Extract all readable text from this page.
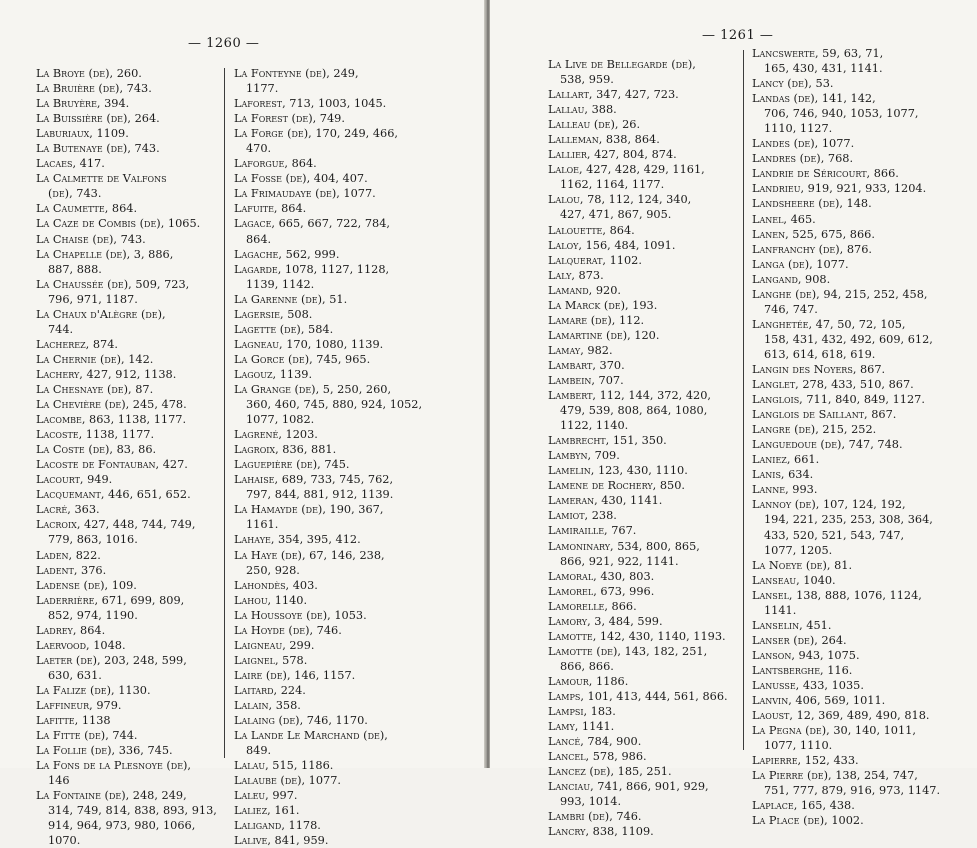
— 1260 —
La Broye (de), 260.
La Bruière (de), 743.
La Bruyère, 394.
La Buissière (de), 264.
Laburiaux, 1109.
La Butenaye (de), 743.
Lacaes, 417.
La Calmette de Valfons
(de), 743.
La Caumette, 864.
La Caze de Combis (de), 1065.
La Chaise (de), 743.
La Chapelle (de), 3, 886,
887, 888.
La Chaussée (de), 509, 723,
796, 971, 1187.
La Chaux d'Alègre (de),
744.
Lacherez, 874.
La Chernie (de), 142.
Lachery, 427, 912, 1138.
La Chesnaye (de), 87.
La Chevière (de), 245, 478.
Lacombe, 863, 1138, 1177.
Lacoste, 1138, 1177.
La Coste (de), 83, 86.
Lacoste de Fontauban, 427.
Lacourt, 949.
Lacquemant, 446, 651, 652.
Lacré, 363.
Lacroix, 427, 448, 744, 749,
779, 863, 1016.
Laden, 822.
Ladent, 376.
Ladense (de), 109.
Laderrière, 671, 699, 809,
852, 974, 1190.
Ladrey, 864.
Laervood, 1048.
Laeter (de), 203, 248, 599,
630, 631.
La Falize (de), 1130.
Laffineur, 979.
Lafitte, 1138
La Fitte (de), 744.
La Follie (de), 336, 745.
La Fons de la Plesnoye (de),
146
La Fontaine (de), 248, 249,
314, 749, 814, 838, 893, 913,
914, 964, 973, 980, 1066,
1070.
La Fonteyne (de), 249,
1177.
Laforest, 713, 1003, 1045.
La Forest (de), 749.
La Forge (de), 170, 249, 466,
470.
Laforgue, 864.
La Fosse (de), 404, 407.
La Frimaudaye (de), 1077.
Lafuite, 864.
Lagace, 665, 667, 722, 784,
864.
Lagache, 562, 999.
Lagarde, 1078, 1127, 1128,
1139, 1142.
La Garenne (de), 51.
Lagersie, 508.
Lagette (de), 584.
Lagneau, 170, 1080, 1139.
La Gorce (de), 745, 965.
Lagouz, 1139.
La Grange (de), 5, 250, 260,
360, 460, 745, 880, 924, 1052,
1077, 1082.
Lagrené, 1203.
Lagroix, 836, 881.
Laguepière (de), 745.
Lahaise, 689, 733, 745, 762,
797, 844, 881, 912, 1139.
La Hamayde (de), 190, 367,
1161.
Lahaye, 354, 395, 412.
La Haye (de), 67, 146, 238,
250, 928.
Lahondès, 403.
Lahou, 1140.
La Houssoye (de), 1053.
La Hoyde (de), 746.
Laigneau, 299.
Laignel, 578.
Laire (de), 146, 1157.
Laitard, 224.
Lalain, 358.
Lalaing (de), 746, 1170.
La Lande Le Marchand (de),
849.
Lalau, 515, 1186.
Lalaube (de), 1077.
Laleu, 997.
Laliez, 161.
Laligand, 1178.
Lalive, 841, 959.
— 1261 —
La Live de Bellegarde (de),
538, 959.
Lallart, 347, 427, 723.
Lallau, 388.
Lalleau (de), 26.
Lalleman, 838, 864.
Lallier, 427, 804, 874.
Laloe, 427, 428, 429, 1161,
1162, 1164, 1177.
Lalou, 78, 112, 124, 340,
427, 471, 867, 905.
Lalouette, 864.
Laloy, 156, 484, 1091.
Lalquerat, 1102.
Laly, 873.
Lamand, 920.
La Marck (de), 193.
Lamare (de), 112.
Lamartine (de), 120.
Lamay, 982.
Lambart, 370.
Lambein, 707.
Lambert, 112, 144, 372, 420,
479, 539, 808, 864, 1080,
1122, 1140.
Lambrecht, 151, 350.
Lambyn, 709.
Lamelin, 123, 430, 1110.
Lamene de Rochery, 850.
Lameran, 430, 1141.
Lamiot, 238.
Lamiraille, 767.
Lamoninary, 534, 800, 865,
866, 921, 922, 1141.
Lamoral, 430, 803.
Lamorel, 673, 996.
Lamorelle, 866.
Lamory, 3, 484, 599.
Lamotte, 142, 430, 1140, 1193.
Lamotte (de), 143, 182, 251,
866, 866.
Lamour, 1186.
Lamps, 101, 413, 444, 561, 866.
Lampsi, 183.
Lamy, 1141.
Lancé, 784, 900.
Lancel, 578, 986.
Lancez (de), 185, 251.
Lanciau, 741, 866, 901, 929,
993, 1014.
Lambri (de), 746.
Lancry, 838, 1109.
Lancswerte, 59, 63, 71,
165, 430, 431, 1141.
Lancy (de), 53.
Landas (de), 141, 142,
706, 746, 940, 1053, 1077,
1110, 1127.
Landes (de), 1077.
Landres (de), 768.
Landrie de Séricourt, 866.
Landrieu, 919, 921, 933, 1204.
Landsheere (de), 148.
Lanel, 465.
Lanen, 525, 675, 866.
Lanfranchy (de), 876.
Langa (de), 1077.
Langand, 908.
Langhe (de), 94, 215, 252, 458,
746, 747.
Langhetée, 47, 50, 72, 105,
158, 431, 432, 492, 609, 612,
613, 614, 618, 619.
Langin des Noyers, 867.
Langlet, 278, 433, 510, 867.
Langlois, 711, 840, 849, 1127.
Langlois de Saillant, 867.
Langre (de), 215, 252.
Languedoue (de), 747, 748.
Laniez, 661.
Lanis, 634.
Lanne, 993.
Lannoy (de), 107, 124, 192,
194, 221, 235, 253, 308, 364,
433, 520, 521, 543, 747,
1077, 1205.
La Noeye (de), 81.
Lanseau, 1040.
Lansel, 138, 888, 1076, 1124,
1141.
Lanselin, 451.
Lanser (de), 264.
Lanson, 943, 1075.
Lantsberghe, 116.
Lanusse, 433, 1035.
Lanvin, 406, 569, 1011.
Laoust, 12, 369, 489, 490, 818.
La Pegna (de), 30, 140, 1011,
1077, 1110.
Lapierre, 152, 433.
La Pierre (de), 138, 254, 747,
751, 777, 879, 916, 973, 1147.
Laplace, 165, 438.
La Place (de), 1002.
